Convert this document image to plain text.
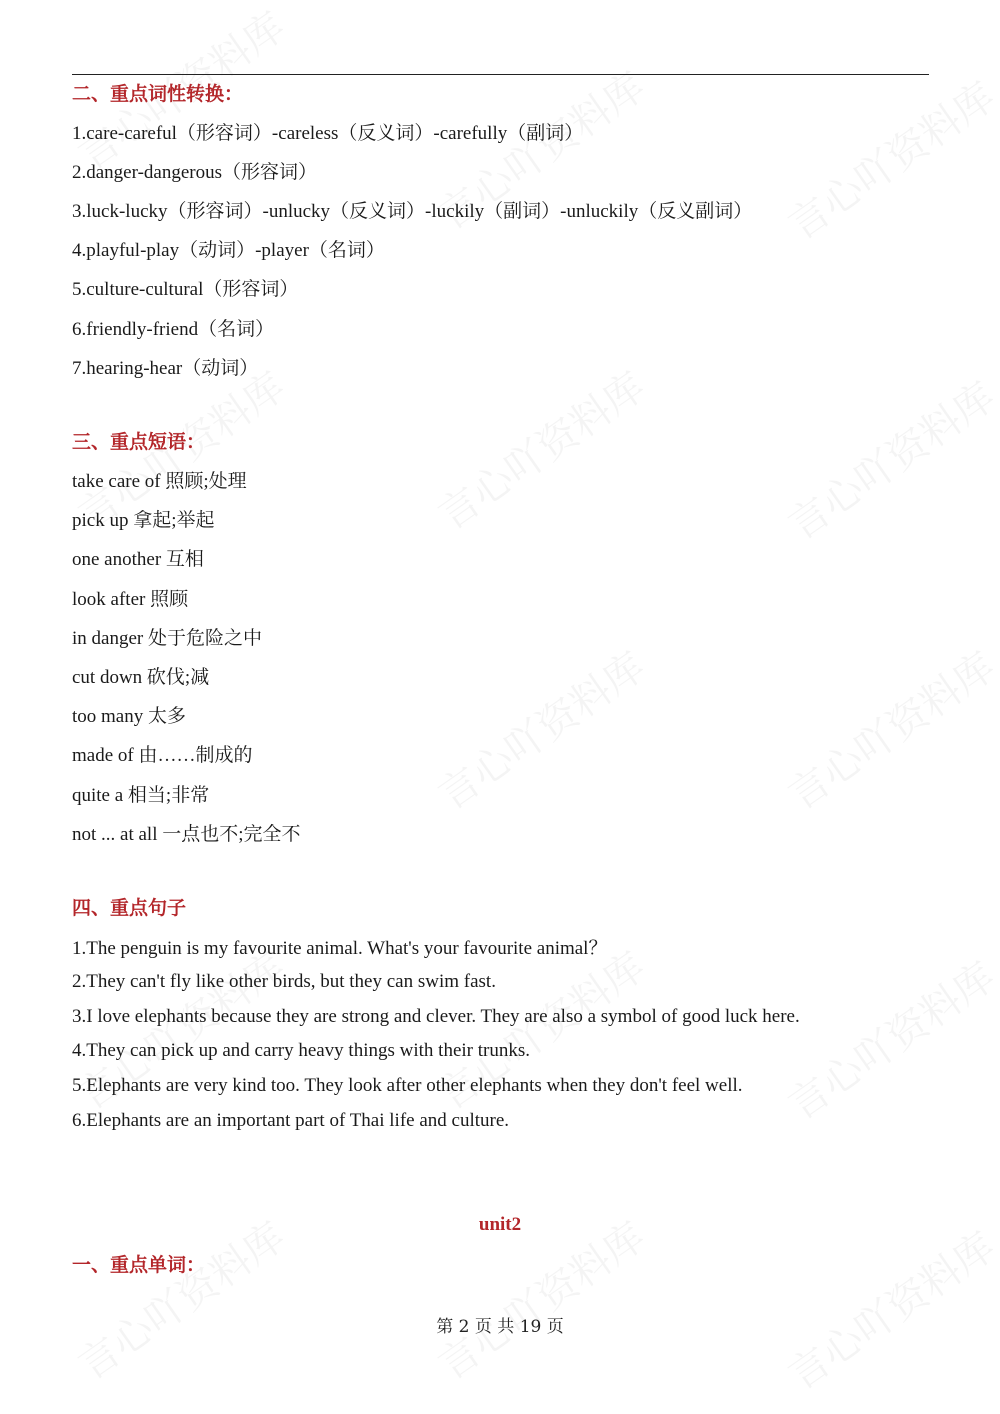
二、重点词性转换：

1.care-careful（形容词）-careless（反义词）-carefully（副词）

2.danger-dangerous（形容词）

3.luck-lucky（形容词）-unlucky（反义词）-luckily（副词）-unluckily（反义副词）

4.playful-play（动词）-player（名词）

5.culture-cultural（形容词）

6.friendly-friend（名词）

7.hearing-hear（动词）

三、重点短语：

take care of 照顾;处理

pick up 拿起;举起

one another 互相

look after 照顾

in danger 处于危险之中

cut down 砍伐;减

too many 太多

made of 由……制成的

quite a 相当;非常

not ... at all 一点也不;完全不

四、重点句子

1.The penguin is my favourite animal. What's your favourite animal？

2.They can't fly like other birds, but they can swim fast.

3.I love elephants because they are strong and clever. They are also a symbol of good luck here.

4.They can pick up and carry heavy things with their trunks.

5.Elephants are very kind too. They look after other elephants when they don't feel well.

6.Elephants are an important part of Thai life and culture.

unit2
一、重点单词：

第 2 页 共 19 页
